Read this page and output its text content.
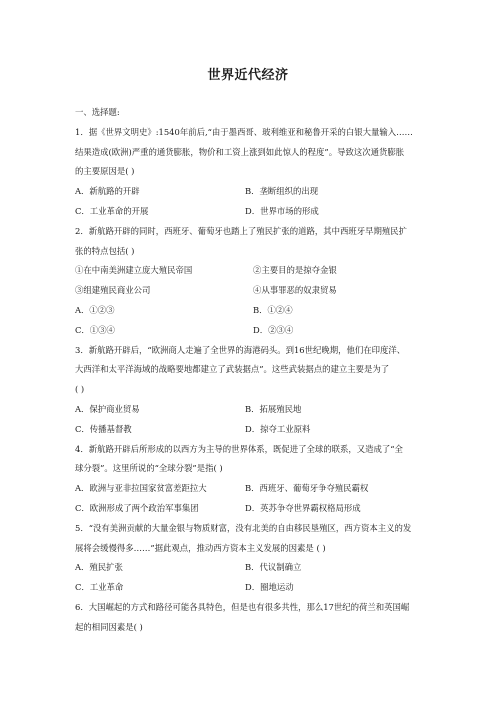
世界近代经济
一、选择题:
1．据《世界文明史》:1540年前后,“由于墨西哥、玻利维亚和秘鲁开采的白银大量输入……
结果造成(欧洲)严重的通货膨胀，物价和工资上涨到如此惊人的程度”。导致这次通货膨胀
的主要原因是( )
A．新航路的开辟	B．垄断组织的出现
C．工业革命的开展	D．世界市场的形成
2．新航路开辟的同时，西班牙、葡萄牙也踏上了殖民扩张的道路，其中西班牙早期殖民扩
张的特点包括( )
①在中南美洲建立庞大殖民帝国	②主要目的是掠夺金银
③组建殖民商业公司	④从事罪恶的奴隶贸易
A．①②③	B．①②④
C．①③④	D．②③④
3．新航路开辟后，“欧洲商人走遍了全世界的海港码头。到16世纪晚期，他们在印度洋、
大西洋和太平洋海域的战略要地都建立了武装据点”。这些武装据点的建立主要是为了
( )
A．保护商业贸易	B．拓展殖民地
C．传播基督教	D．掠夺工业原料
4．新航路开辟后所形成的以西方为主导的世界体系，既促进了全球的联系，又造成了“全
球分裂”。这里所说的“全球分裂”是指( )
A．欧洲与亚非拉国家贫富差距拉大	B．西班牙、葡萄牙争夺殖民霸权
C．欧洲形成了两个政治军事集团	D．英苏争夺世界霸权格局形成
5．“没有美洲贡献的大量金银与物质财富，没有北美的自由移民垦殖区，西方资本主义的发
展将会缓慢得多……”据此观点，推动西方资本主义发展的因素是 ( )
A．殖民扩张	B．代议制确立
C．工业革命	D．圈地运动
6．大国崛起的方式和路径可能各具特色，但是也有很多共性，那么17世纪的荷兰和英国崛
起的相同因素是( )
